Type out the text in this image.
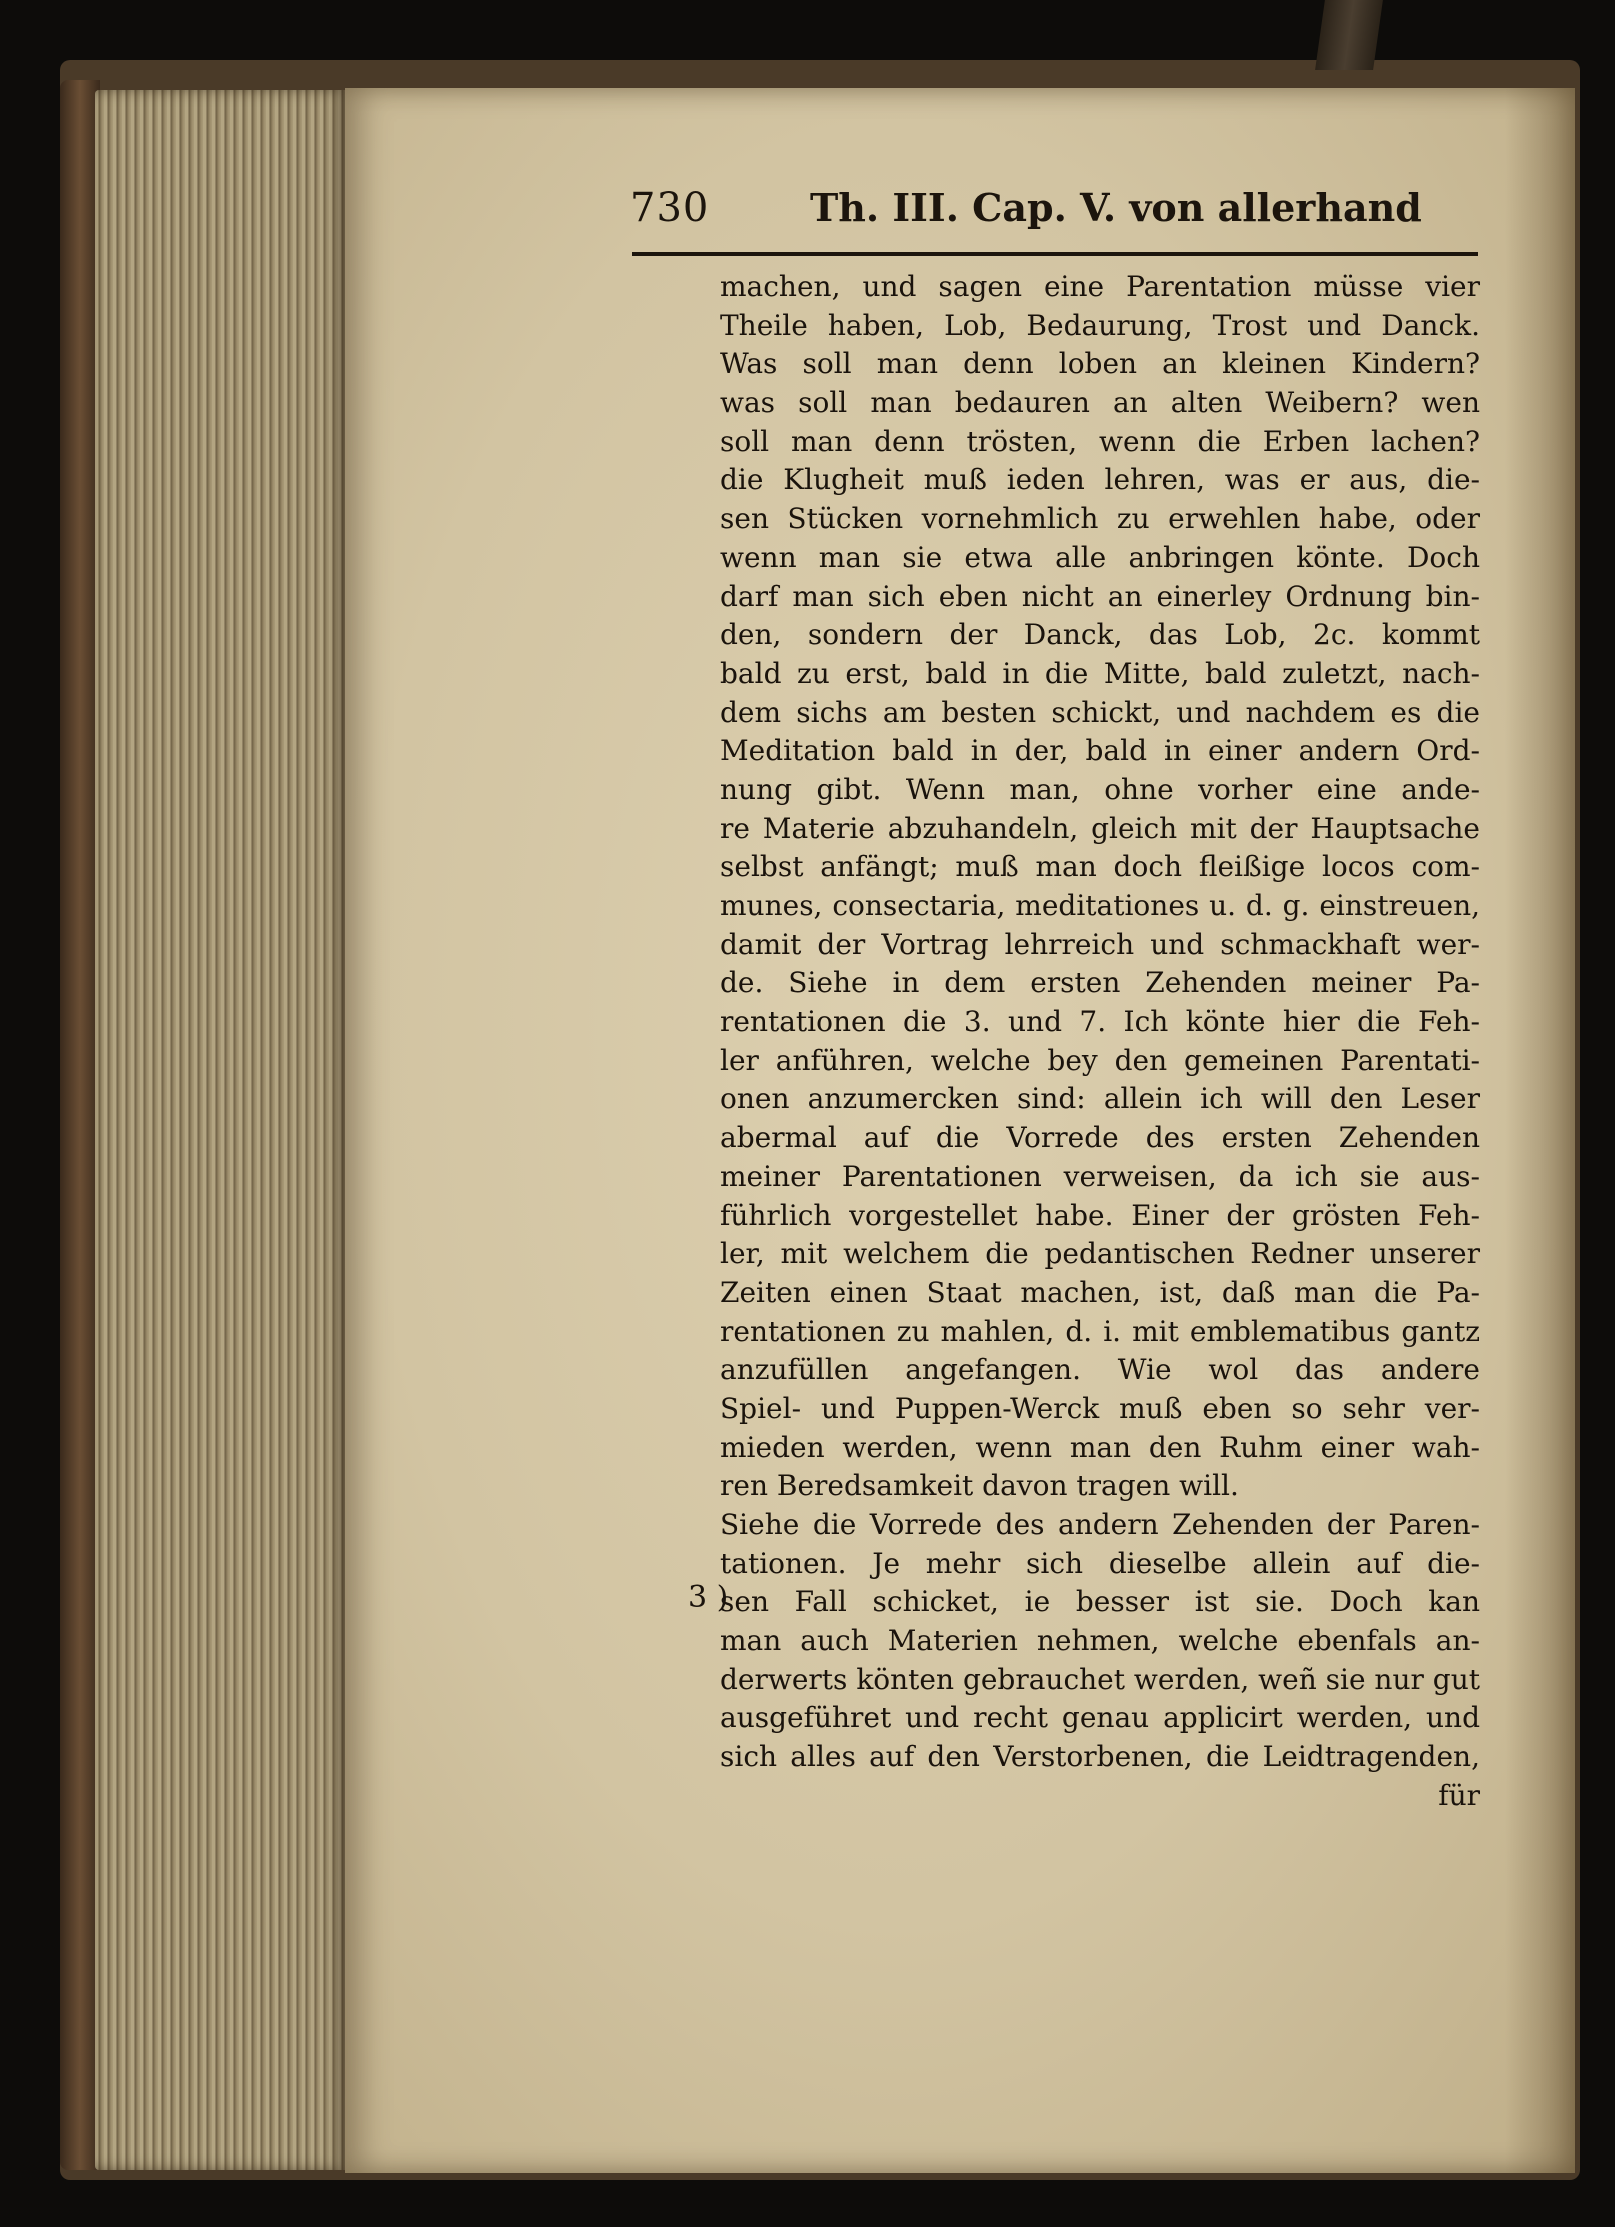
730	Th. III. Cap. V. von allerhand
3 )
machen, und sagen eine Parentation müsse vier
Theile haben, Lob, Bedaurung, Trost und Danck.
Was soll man denn loben an kleinen Kindern?
was soll man bedauren an alten Weibern? wen
soll man denn trösten, wenn die Erben lachen?
die Klugheit muß ieden lehren, was er aus, die-
sen Stücken vornehmlich zu erwehlen habe, oder
wenn man sie etwa alle anbringen könte. Doch
darf man sich eben nicht an einerley Ordnung bin-
den, sondern der Danck, das Lob, 2c. kommt
bald zu erst, bald in die Mitte, bald zuletzt, nach-
dem sichs am besten schickt, und nachdem es die
Meditation bald in der, bald in einer andern Ord-
nung gibt. Wenn man, ohne vorher eine ande-
re Materie abzuhandeln, gleich mit der Hauptsache
selbst anfängt; muß man doch fleißige locos com-
munes, consectaria, meditationes u. d. g. einstreuen,
damit der Vortrag lehrreich und schmackhaft wer-
de. Siehe in dem ersten Zehenden meiner Pa-
rentationen die 3. und 7. Ich könte hier die Feh-
ler anführen, welche bey den gemeinen Parentati-
onen anzumercken sind: allein ich will den Leser
abermal auf die Vorrede des ersten Zehenden
meiner Parentationen verweisen, da ich sie aus-
führlich vorgestellet habe. Einer der grösten Feh-
ler, mit welchem die pedantischen Redner unserer
Zeiten einen Staat machen, ist, daß man die Pa-
rentationen zu mahlen, d. i. mit emblematibus gantz
anzufüllen angefangen. Wie wol das andere
Spiel- und Puppen-Werck muß eben so sehr ver-
mieden werden, wenn man den Ruhm einer wah-
ren Beredsamkeit davon tragen will.
Siehe die Vorrede des andern Zehenden der Paren-
tationen. Je mehr sich dieselbe allein auf die-
sen Fall schicket, ie besser ist sie. Doch kan
man auch Materien nehmen, welche ebenfals an-
derwerts könten gebrauchet werden, weñ sie nur gut
ausgeführet und recht genau applicirt werden, und
sich alles auf den Verstorbenen, die Leidtragenden,
für
